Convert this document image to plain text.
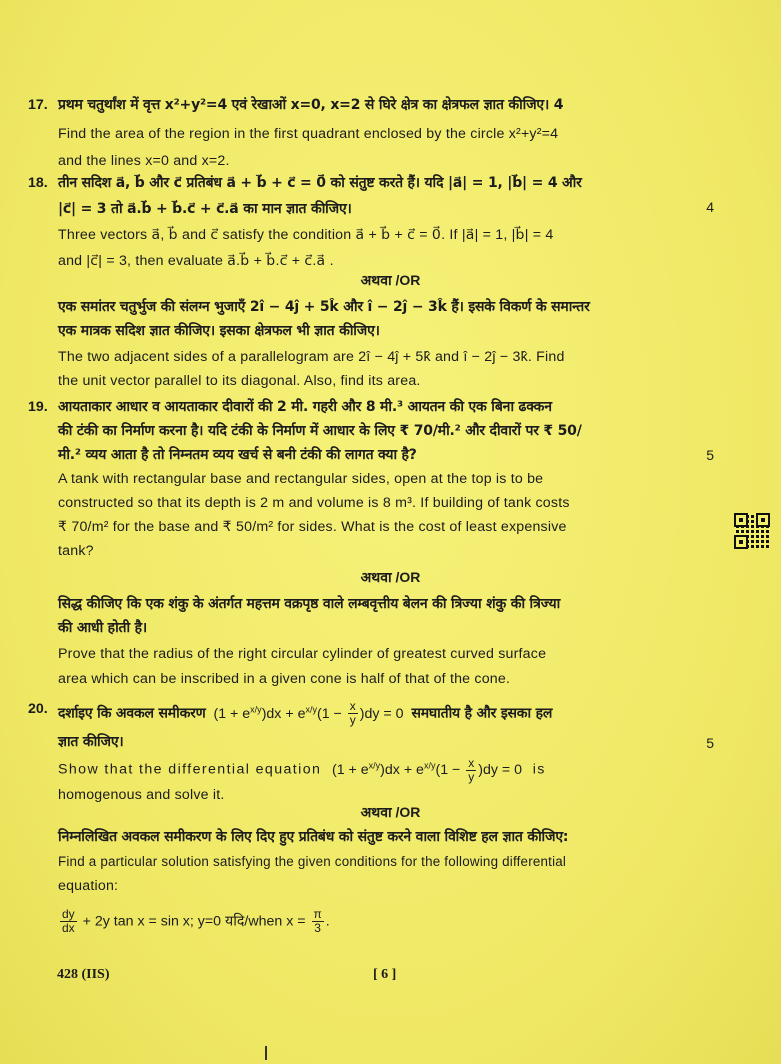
17. प्रथम चतुर्थांश में वृत्त x²+y²=4 एवं रेखाओं x=0, x=2 से घिरे क्षेत्र का क्षेत्रफल ज्ञात कीजिए। 4
Find the area of the region in the first quadrant enclosed by the circle x²+y²=4
and the lines x=0 and x=2.
18. तीन सदिश a⃗, b⃗ और c⃗ प्रतिबंध a⃗ + b⃗ + c⃗ = 0⃗ को संतुष्ट करते हैं। यदि |a⃗| = 1, |b⃗| = 4 और
|c⃗| = 3 तो a⃗.b⃗ + b⃗.c⃗ + c⃗.a⃗ का मान ज्ञात कीजिए।	4
Three vectors a⃗, b⃗ and c⃗ satisfy the condition a⃗ + b⃗ + c⃗ = 0⃗. If |a⃗| = 1, |b⃗| = 4
and |c⃗| = 3, then evaluate a⃗.b⃗ + b⃗.c⃗ + c⃗.a⃗ .
अथवा /OR
एक समांतर चतुर्भुज की संलग्न भुजाएँ 2î − 4ĵ + 5k̂ और î − 2ĵ − 3k̂ हैं। इसके विकर्ण के समान्तर
एक मात्रक सदिश ज्ञात कीजिए। इसका क्षेत्रफल भी ज्ञात कीजिए।
The two adjacent sides of a parallelogram are 2î − 4ĵ + 5k̂ and î − 2ĵ − 3k̂. Find
the unit vector parallel to its diagonal. Also, find its area.
19. आयताकार आधार व आयताकार दीवारों की 2 मी. गहरी और 8 मी.³ आयतन की एक बिना ढक्कन
की टंकी का निर्माण करना है। यदि टंकी के निर्माण में आधार के लिए ₹ 70/मी.² और दीवारों पर ₹ 50/
मी.² व्यय आता है तो निम्नतम व्यय खर्च से बनी टंकी की लागत क्या है?	5
A tank with rectangular base and rectangular sides, open at the top is to be
constructed so that its depth is 2 m and volume is 8 m³. If building of tank costs
₹ 70/m² for the base and ₹ 50/m² for sides. What is the cost of least expensive
tank?
अथवा /OR
सिद्ध कीजिए कि एक शंकु के अंतर्गत महत्तम वक्रपृष्ठ वाले लम्बवृत्तीय बेलन की त्रिज्या शंकु की त्रिज्या
की आधी होती है।
Prove that the radius of the right circular cylinder of greatest curved surface
area which can be inscribed in a given cone is half of that of the cone.
20. दर्शाइए कि अवकल समीकरण $(1 + e^{x/y})dx + e^{x/y}(1 - \frac{x}{y} )dy = 0$ समघातीय है और इसका हल
ज्ञात कीजिए।	5
Show that the differential equation $(1 + e^{x/y})dx + e^{x/y}(1 - \frac{x}{y} )dy = 0$ is
homogenous and solve it.
अथवा /OR
निम्नलिखित अवकल समीकरण के लिए दिए हुए प्रतिबंध को संतुष्ट करने वाला विशिष्ट हल ज्ञात कीजिए:
Find a particular solution satisfying the given conditions for the following differential
equation:
$\frac{dy}{dx} + 2y$ tan x = sin x; y=0 यदि/when $x = \frac{\pi}{3}$ .
428 (IIS)	[ 6 ]
